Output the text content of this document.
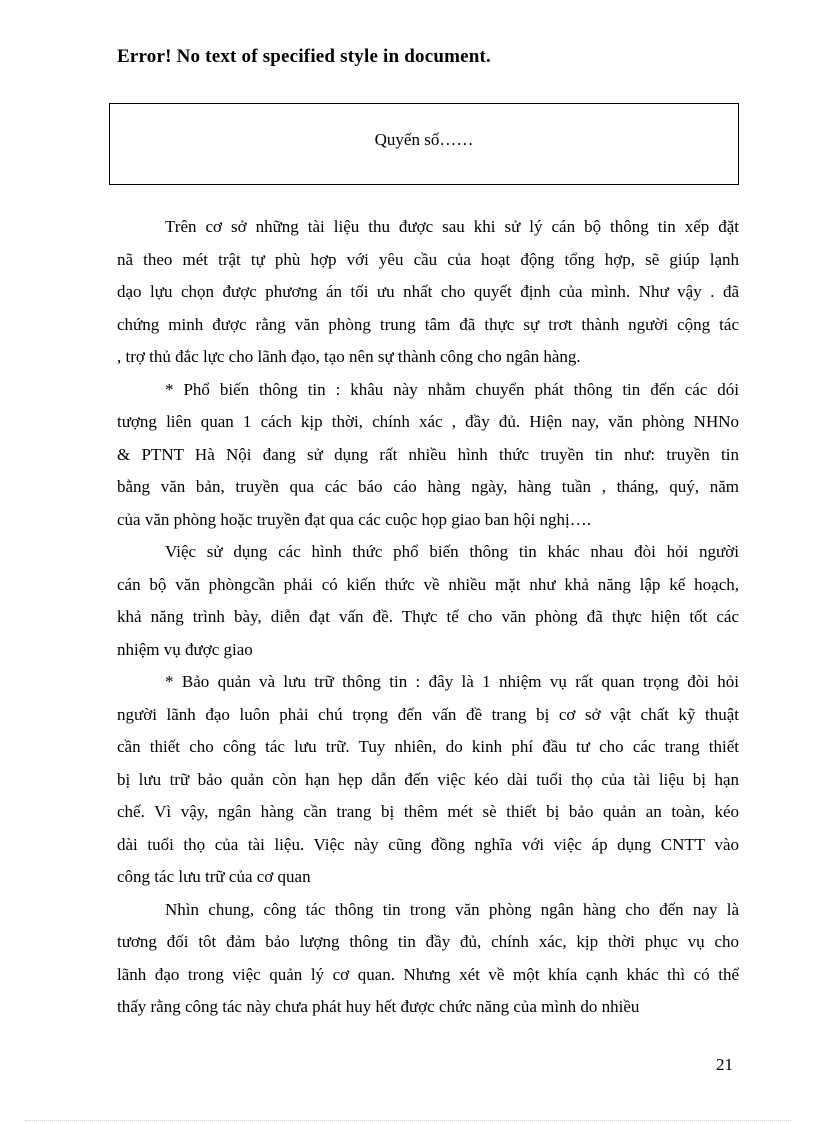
Error! No text of specified style in document.
Quyển số……
Trên cơ sở những tài liệu thu được sau khi sử lý cán bộ thông tin xếp đặt
nã theo mét trật tự phù hợp với yêu cầu của hoạt động tổng hợp, sẽ giúp lạnh
dạo lựu chọn được phương án tối ưu nhất cho quyết định của mình. Như vậy . đã
chứng minh được rằng văn phòng trung tâm đã thực sự trơt thành người cộng tác
, trợ thủ đắc lực cho lãnh đạo, tạo nên sự thành công cho ngân hàng.
* Phổ biến thông tin : khâu này nhằm chuyển phát thông tin đến các dói
tượng liên quan 1 cách kịp thời, chính xác , đầy đủ. Hiện nay, văn phòng NHNo
& PTNT Hà Nội đang sử dụng rất nhiều hình thức truyền tin như: truyền tin
bằng văn bản, truyền qua các báo cáo hàng ngày, hàng tuần , tháng, quý, năm
của văn phòng hoặc truyền đạt qua các cuộc họp giao ban hội nghị….
Việc sử dụng các hình thức phổ biến thông tin khác nhau đòi hỏi người
cán bộ văn phòngcần phải có kiến thức về nhiều mặt như khả năng lập kế hoạch,
khả năng trình bày, diễn đạt vấn đề. Thực tế cho văn phòng đã thực hiện tốt các
nhiệm vụ được giao
* Bảo quản và lưu trữ thông tin : đây là 1 nhiệm vụ rất quan trọng đòi hỏi
người lãnh đạo luôn phải chú trọng đến vấn đề trang bị cơ sở vật chất kỹ thuật
cần thiết cho công tác lưu trữ. Tuy nhiên, do kinh phí đầu tư cho các trang thiết
bị lưu trữ bảo quản còn hạn hẹp dẫn đến việc kéo dài tuổi thọ của tài liệu bị hạn
chế. Vì vậy, ngân hàng cần trang bị thêm mét sè thiết bị bảo quản an toàn, kéo
dài tuổi thọ của tài liệu. Việc này cũng đồng nghĩa với việc áp dụng CNTT vào
công tác lưu trữ của cơ quan
Nhìn chung, công tác thông tin trong văn phòng ngân hàng cho đến nay là
tương đối tôt đảm bảo lượng thông tin đầy đủ, chính xác, kịp thời phục vụ cho
lãnh đạo trong việc quản lý cơ quan. Nhưng xét về một khía cạnh khác thì có thể
thấy rằng công tác này chưa phát huy hết được chức năng của mình do nhiều
21
